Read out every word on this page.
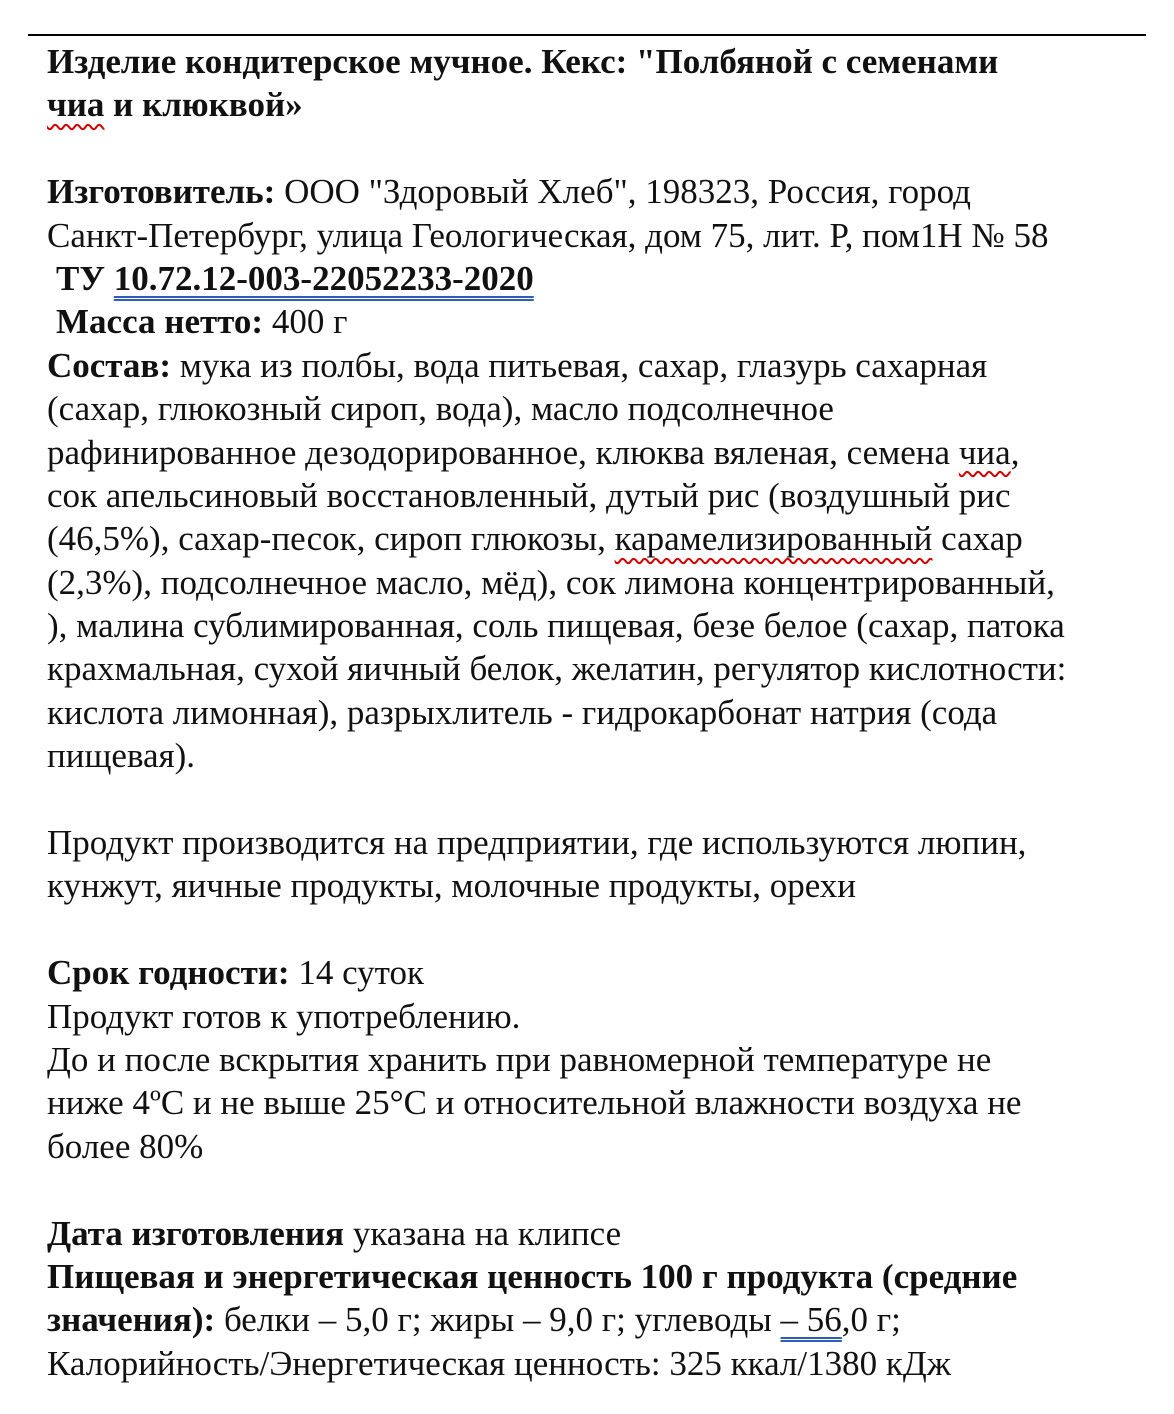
Изделие кондитерское мучное. Кекс: "Полбяной с семенами
чиа и клюквой»
Изготовитель: ООО "Здоровый Хлеб", 198323, Россия, город
Санкт-Петербург, улица Геологическая, дом 75, лит. Р, пом1Н № 58
ТУ 10.72.12-003-22052233-2020
Масса нетто: 400 г
Состав: мука из полбы, вода питьевая, сахар, глазурь сахарная
(сахар, глюкозный сироп, вода), масло подсолнечное
рафинированное дезодорированное, клюква вяленая, семена чиа,
сок апельсиновый восстановленный, дутый рис (воздушный рис
(46,5%), сахар-песок, сироп глюкозы, карамелизированный сахар
(2,3%), подсолнечное масло, мёд), сок лимона концентрированный,
), малина сублимированная, соль пищевая, безе белое (сахар, патока
крахмальная, сухой яичный белок, желатин, регулятор кислотности:
кислота лимонная), разрыхлитель - гидрокарбонат натрия (сода
пищевая).
Продукт производится на предприятии, где используются люпин,
кунжут, яичные продукты, молочные продукты, орехи
Срок годности: 14 суток
Продукт готов к употреблению.
До и после вскрытия хранить при равномерной температуре не
ниже 4ºС и не выше 25°С и относительной влажности воздуха не
более 80%
Дата изготовления указана на клипсе
Пищевая и энергетическая ценность 100 г продукта (средние
значения): белки – 5,0 г; жиры – 9,0 г; углеводы – 56,0 г;
Калорийность/Энергетическая ценность: 325 ккал/1380 кДж
